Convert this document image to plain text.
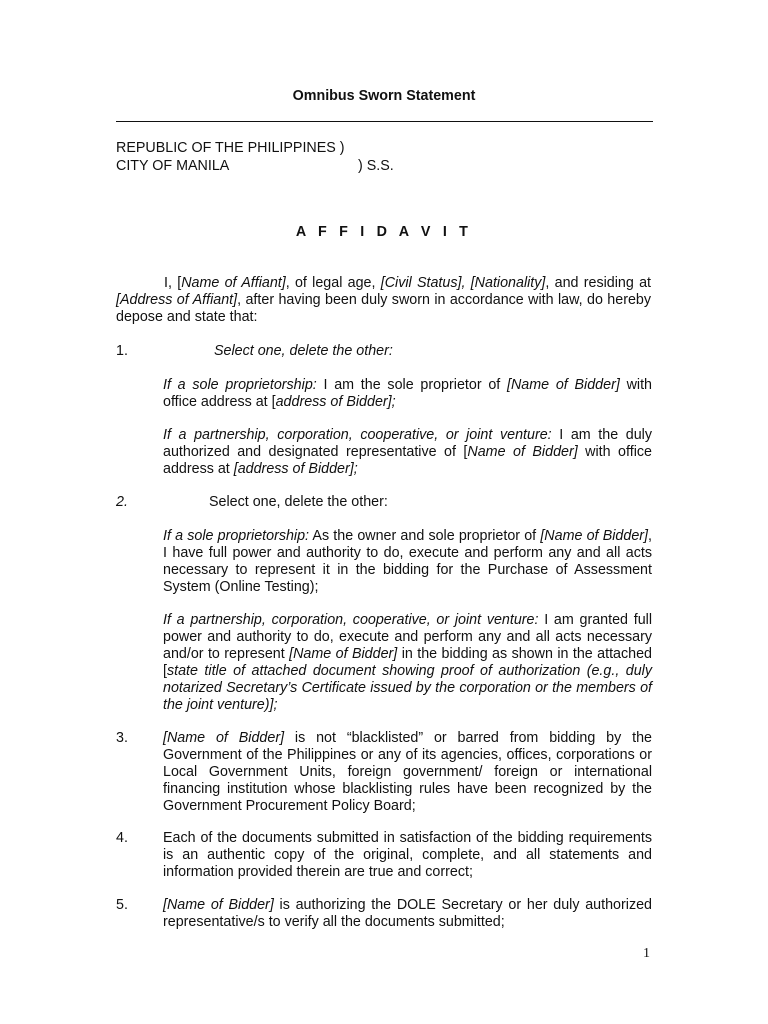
Omnibus Sworn Statement
REPUBLIC OF THE PHILIPPINES )
CITY OF MANILA	) S.S.
A F F I D A V I T
I, [Name of Affiant], of legal age, [Civil Status], [Nationality], and residing at [Address of Affiant], after having been duly sworn in accordance with law, do hereby depose and state that:
1.	Select one, delete the other:
If a sole proprietorship: I am the sole proprietor of [Name of Bidder] with office address at [address of Bidder];
If a partnership, corporation, cooperative, or joint venture: I am the duly authorized and designated representative of [Name of Bidder] with office address at [address of Bidder];
2.	Select one, delete the other:
If a sole proprietorship: As the owner and sole proprietor of [Name of Bidder], I have full power and authority to do, execute and perform any and all acts necessary to represent it in the bidding for the Purchase of Assessment System (Online Testing);
If a partnership, corporation, cooperative, or joint venture: I am granted full power and authority to do, execute and perform any and all acts necessary and/or to represent [Name of Bidder] in the bidding as shown in the attached [state title of attached document showing proof of authorization (e.g., duly notarized Secretary’s Certificate issued by the corporation or the members of the joint venture)];
3. [Name of Bidder] is not “blacklisted” or barred from bidding by the Government of the Philippines or any of its agencies, offices, corporations or Local Government Units, foreign government/ foreign or international financing institution whose blacklisting rules have been recognized by the Government Procurement Policy Board;
4. Each of the documents submitted in satisfaction of the bidding requirements is an authentic copy of the original, complete, and all statements and information provided therein are true and correct;
5. [Name of Bidder] is authorizing the DOLE Secretary or her duly authorized representative/s to verify all the documents submitted;
1
